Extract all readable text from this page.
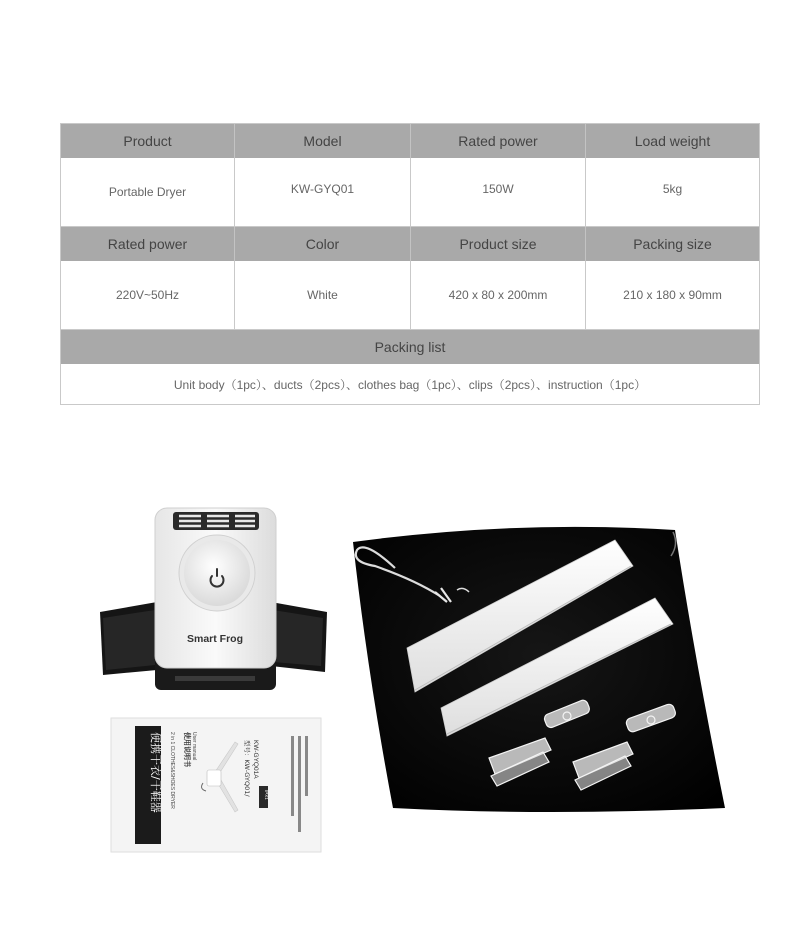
Product	Model	Rated power	Load weight
Portable Dryer	KW-GYQ01	150W	5kg
Rated power	Color	Product size	Packing size
220V~50Hz	White	420 x 80 x 200mm	210 x 180 x 90mm
Packing list
Unit body（1pc）、ducts（2pcs）、clothes bag（1pc）、clips（2pcs）、instruction（1pc）
Smart Frog
便携干衣/干鞋器 2 in 1 CLOTHES&SHOES DRYER 使用说明书 User manual	型号：KW-GYQ01/ KW-GYQ01A
IPX1
